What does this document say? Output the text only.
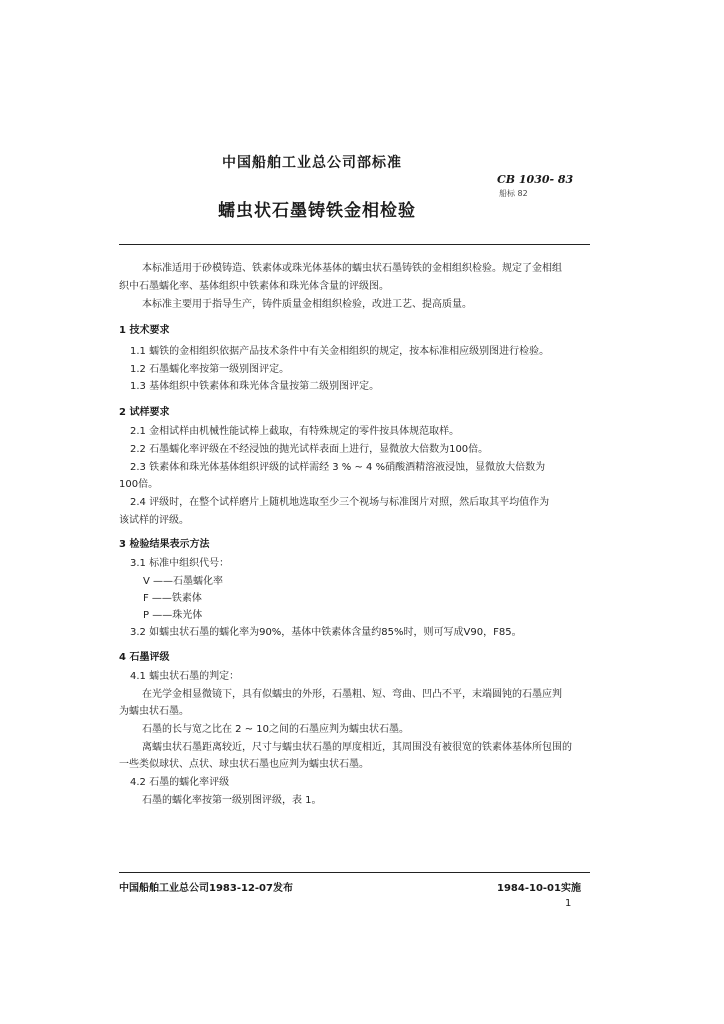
中国船舶工业总公司部标准
蠕虫状石墨铸铁金相检验
CB 1030- 83
船标 82
本标准适用于砂模铸造、铁素体或珠光体基体的蠕虫状石墨铸铁的金相组织检验。规定了金相组
织中石墨蠕化率、基体组织中铁素体和珠光体含量的评级图。
本标准主要用于指导生产，铸件质量金相组织检验，改进工艺、提高质量。
1 技术要求
1.1 蠕铁的金相组织依据产品技术条件中有关金相组织的规定，按本标准相应级别图进行检验。
1.2 石墨蠕化率按第一级别图评定。
1.3 基体组织中铁素体和珠光体含量按第二级别图评定。
2 试样要求
2.1 金相试样由机械性能试棒上截取，有特殊规定的零件按具体规范取样。
2.2 石墨蠕化率评级在不经浸蚀的抛光试样表面上进行，显微放大倍数为100倍。
2.3 铁素体和珠光体基体组织评级的试样需经 3 % ~ 4 %硝酸酒精溶液浸蚀，显微放大倍数为
100倍。
2.4 评级时，在整个试样磨片上随机地选取至少三个视场与标准图片对照，然后取其平均值作为
该试样的评级。
3 检验结果表示方法
3.1 标准中组织代号：
V ——石墨蠕化率
F ——铁素体
P ——珠光体
3.2 如蠕虫状石墨的蠕化率为90%，基体中铁素体含量约85%时，则可写成V90，F85。
4 石墨评级
4.1 蠕虫状石墨的判定：
在光学金相显微镜下，具有似蠕虫的外形，石墨粗、短、弯曲、凹凸不平，末端圆钝的石墨应判
为蠕虫状石墨。
石墨的长与宽之比在 2 ~ 10之间的石墨应判为蠕虫状石墨。
离蠕虫状石墨距离较近，尺寸与蠕虫状石墨的厚度相近，其周围没有被很宽的铁素体基体所包围的
一些类似球状、点状、球虫状石墨也应判为蠕虫状石墨。
4.2 石墨的蠕化率评级
石墨的蠕化率按第一级别图评级，表 1。
中国船舶工业总公司1983-12-07发布	1984-10-01实施
1
